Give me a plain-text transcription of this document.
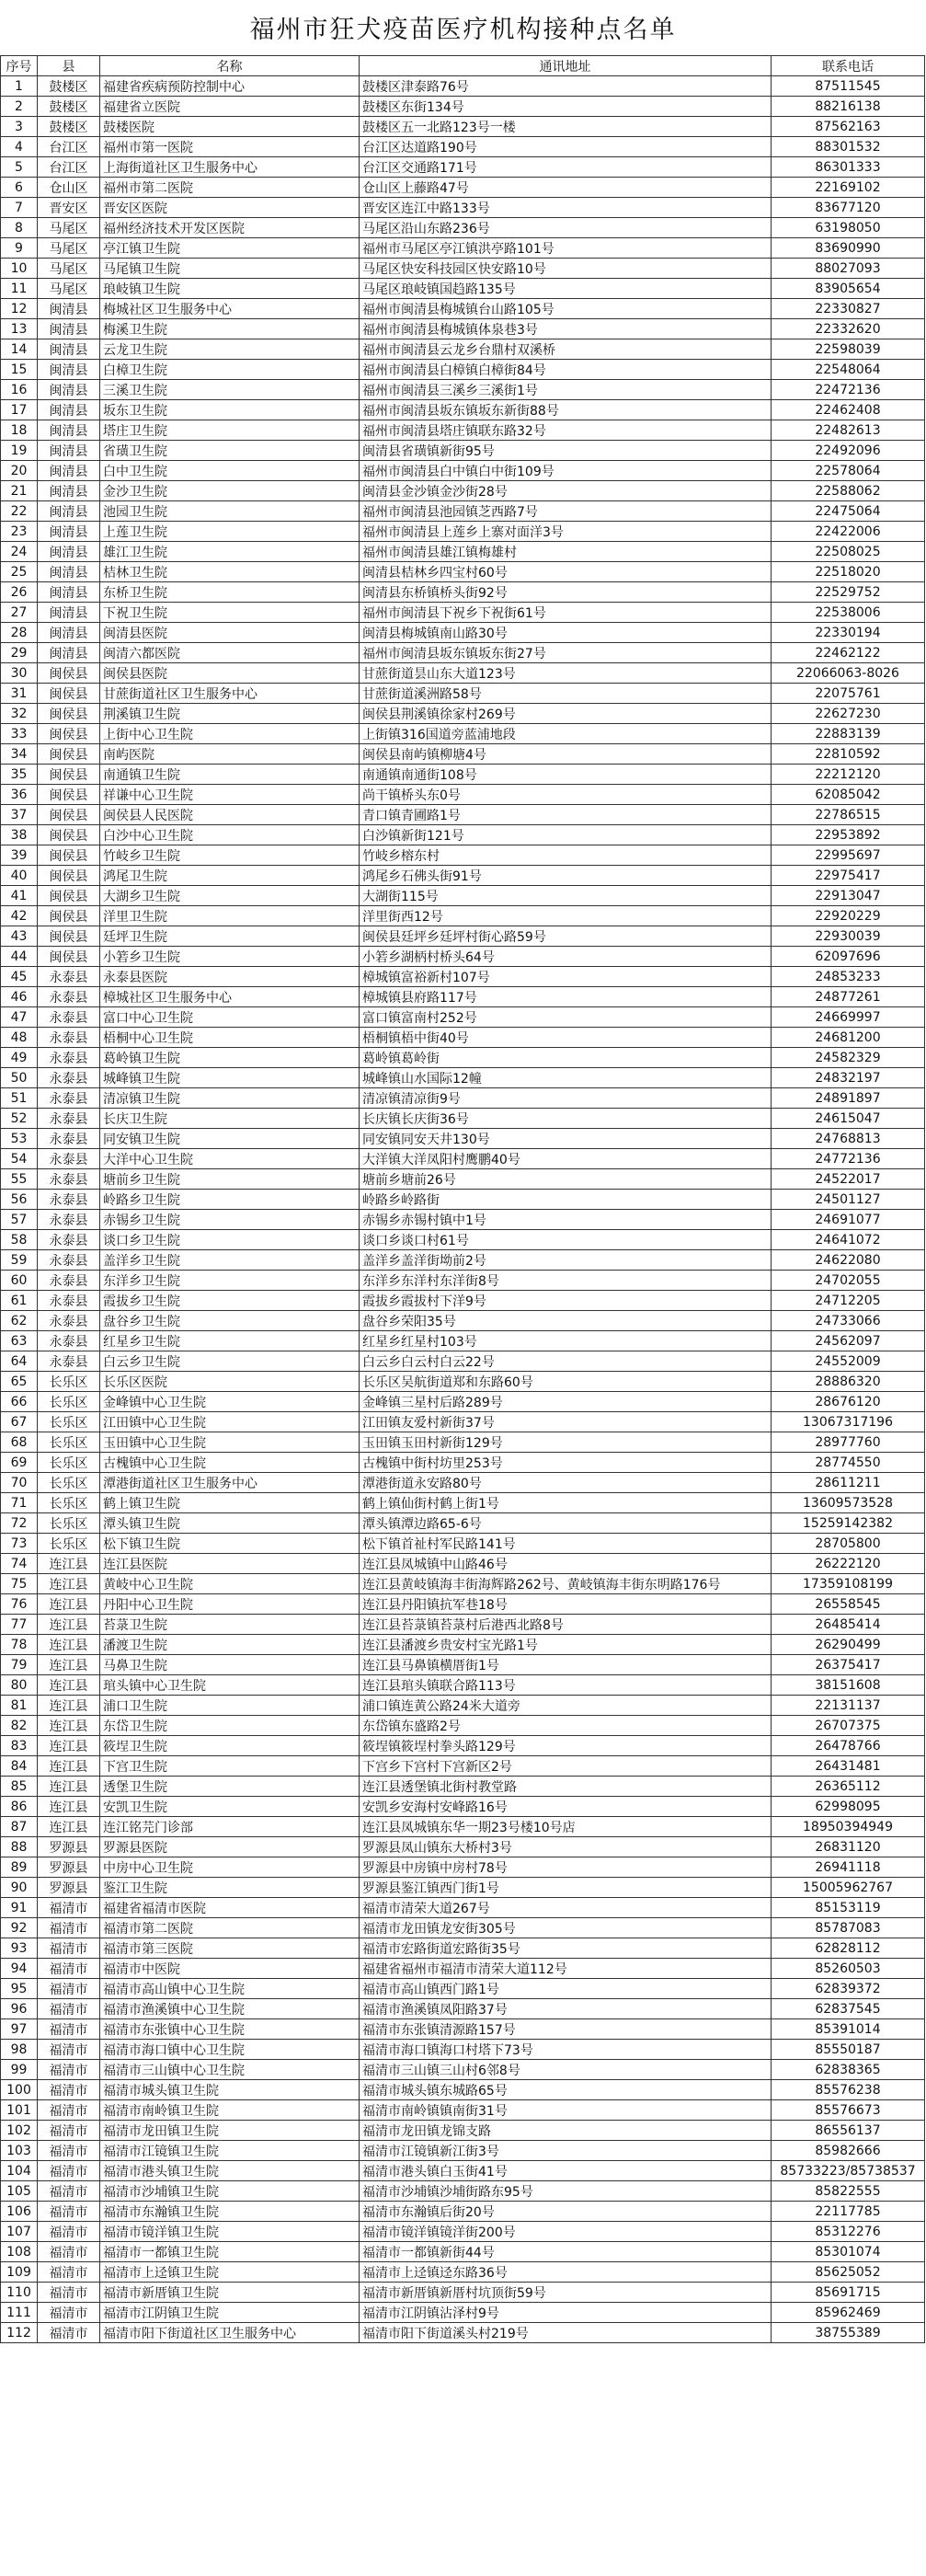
福州市狂犬疫苗医疗机构接种点名单
序号	县	名称	通讯地址	联系电话
1	鼓楼区	福建省疾病预防控制中心	鼓楼区津泰路76号	87511545
2	鼓楼区	福建省立医院	鼓楼区东街134号	88216138
3	鼓楼区	鼓楼医院	鼓楼区五一北路123号一楼	87562163
4	台江区	福州市第一医院	台江区达道路190号	88301532
5	台江区	上海街道社区卫生服务中心	台江区交通路171号	86301333
6	仓山区	福州市第二医院	仓山区上藤路47号	22169102
7	晋安区	晋安区医院	晋安区连江中路133号	83677120
8	马尾区	福州经济技术开发区医院	马尾区沿山东路236号	63198050
9	马尾区	亭江镇卫生院	福州市马尾区亭江镇洪亭路101号	83690990
10	马尾区	马尾镇卫生院	马尾区快安科技园区快安路10号	88027093
11	马尾区	琅岐镇卫生院	马尾区琅岐镇国趋路135号	83905654
12	闽清县	梅城社区卫生服务中心	福州市闽清县梅城镇台山路105号	22330827
13	闽清县	梅溪卫生院	福州市闽清县梅城镇体泉巷3号	22332620
14	闽清县	云龙卫生院	福州市闽清县云龙乡台鼎村双溪桥	22598039
15	闽清县	白樟卫生院	福州市闽清县白樟镇白樟街84号	22548064
16	闽清县	三溪卫生院	福州市闽清县三溪乡三溪街1号	22472136
17	闽清县	坂东卫生院	福州市闽清县坂东镇坂东新街88号	22462408
18	闽清县	塔庄卫生院	福州市闽清县塔庄镇联东路32号	22482613
19	闽清县	省璜卫生院	闽清县省璜镇新街95号	22492096
20	闽清县	白中卫生院	福州市闽清县白中镇白中街109号	22578064
21	闽清县	金沙卫生院	闽清县金沙镇金沙街28号	22588062
22	闽清县	池园卫生院	福州市闽清县池园镇芝西路7号	22475064
23	闽清县	上莲卫生院	福州市闽清县上莲乡上寨对面洋3号	22422006
24	闽清县	雄江卫生院	福州市闽清县雄江镇梅雄村	22508025
25	闽清县	桔林卫生院	闽清县桔林乡四宝村60号	22518020
26	闽清县	东桥卫生院	闽清县东桥镇桥头街92号	22529752
27	闽清县	下祝卫生院	福州市闽清县下祝乡下祝街61号	22538006
28	闽清县	闽清县医院	闽清县梅城镇南山路30号	22330194
29	闽清县	闽清六都医院	福州市闽清县坂东镇坂东街27号	22462122
30	闽侯县	闽侯县医院	甘蔗街道昙山东大道123号	22066063-8026
31	闽侯县	甘蔗街道社区卫生服务中心	甘蔗街道溪洲路58号	22075761
32	闽侯县	荆溪镇卫生院	闽侯县荆溪镇徐家村269号	22627230
33	闽侯县	上街中心卫生院	上街镇316国道旁蓝浦地段	22883139
34	闽侯县	南屿医院	闽侯县南屿镇柳塘4号	22810592
35	闽侯县	南通镇卫生院	南通镇南通街108号	22212120
36	闽侯县	祥谦中心卫生院	尚干镇桥头东0号	62085042
37	闽侯县	闽侯县人民医院	青口镇青圃路1号	22786515
38	闽侯县	白沙中心卫生院	白沙镇新街121号	22953892
39	闽侯县	竹岐乡卫生院	竹岐乡榕东村	22995697
40	闽侯县	鸿尾卫生院	鸿尾乡石佛头街91号	22975417
41	闽侯县	大湖乡卫生院	大湖街115号	22913047
42	闽侯县	洋里卫生院	洋里街西12号	22920229
43	闽侯县	廷坪卫生院	闽侯县廷坪乡廷坪村街心路59号	22930039
44	闽侯县	小箬乡卫生院	小箬乡湖柄村桥头64号	62097696
45	永泰县	永泰县医院	樟城镇富裕新村107号	24853233
46	永泰县	樟城社区卫生服务中心	樟城镇县府路117号	24877261
47	永泰县	富口中心卫生院	富口镇富南村252号	24669997
48	永泰县	梧桐中心卫生院	梧桐镇梧中街40号	24681200
49	永泰县	葛岭镇卫生院	葛岭镇葛岭街	24582329
50	永泰县	城峰镇卫生院	城峰镇山水国际12幢	24832197
51	永泰县	清凉镇卫生院	清凉镇清凉街9号	24891897
52	永泰县	长庆卫生院	长庆镇长庆街36号	24615047
53	永泰县	同安镇卫生院	同安镇同安天井130号	24768813
54	永泰县	大洋中心卫生院	大洋镇大洋凤阳村鹰鹏40号	24772136
55	永泰县	塘前乡卫生院	塘前乡塘前26号	24522017
56	永泰县	岭路乡卫生院	岭路乡岭路街	24501127
57	永泰县	赤锡乡卫生院	赤锡乡赤锡村镇中1号	24691077
58	永泰县	谈口乡卫生院	谈口乡谈口村61号	24641072
59	永泰县	盖洋乡卫生院	盖洋乡盖洋街坳前2号	24622080
60	永泰县	东洋乡卫生院	东洋乡东洋村东洋街8号	24702055
61	永泰县	霞拔乡卫生院	霞拔乡霞拔村下洋9号	24712205
62	永泰县	盘谷乡卫生院	盘谷乡荣阳35号	24733066
63	永泰县	红星乡卫生院	红星乡红星村103号	24562097
64	永泰县	白云乡卫生院	白云乡白云村白云22号	24552009
65	长乐区	长乐区医院	长乐区吴航街道郑和东路60号	28886320
66	长乐区	金峰镇中心卫生院	金峰镇三星村后路289号	28676120
67	长乐区	江田镇中心卫生院	江田镇友爱村新街37号	13067317196
68	长乐区	玉田镇中心卫生院	玉田镇玉田村新街129号	28977760
69	长乐区	古槐镇中心卫生院	古槐镇中街村坊里253号	28774550
70	长乐区	潭港街道社区卫生服务中心	潭港街道永安路80号	28611211
71	长乐区	鹤上镇卫生院	鹤上镇仙街村鹤上街1号	13609573528
72	长乐区	潭头镇卫生院	潭头镇潭边路65-6号	15259142382
73	长乐区	松下镇卫生院	松下镇首祉村军民路141号	28705800
74	连江县	连江县医院	连江县凤城镇中山路46号	26222120
75	连江县	黄岐中心卫生院	连江县黄岐镇海丰街海辉路262号、黄岐镇海丰街东明路176号	17359108199
76	连江县	丹阳中心卫生院	连江县丹阳镇抗军巷18号	26558545
77	连江县	苔菉卫生院	连江县苔菉镇苔菉村后港西北路8号	26485414
78	连江县	潘渡卫生院	连江县潘渡乡贵安村宝光路1号	26290499
79	连江县	马鼻卫生院	连江县马鼻镇横厝街1号	26375417
80	连江县	琯头镇中心卫生院	连江县琯头镇联合路113号	38151608
81	连江县	浦口卫生院	浦口镇连黄公路24米大道旁	22131137
82	连江县	东岱卫生院	东岱镇东盛路2号	26707375
83	连江县	筱埕卫生院	筱埕镇筱埕村拳头路129号	26478766
84	连江县	下宫卫生院	下宫乡下宫村下宫新区2号	26431481
85	连江县	透堡卫生院	连江县透堡镇北街村教堂路	26365112
86	连江县	安凯卫生院	安凯乡安海村安峰路16号	62998095
87	连江县	连江铭芫门诊部	连江县凤城镇东华一期23号楼10号店	18950394949
88	罗源县	罗源县医院	罗源县凤山镇东大桥村3号	26831120
89	罗源县	中房中心卫生院	罗源县中房镇中房村78号	26941118
90	罗源县	鉴江卫生院	罗源县鉴江镇西门街1号	15005962767
91	福清市	福建省福清市医院	福清市清荣大道267号	85153119
92	福清市	福清市第二医院	福清市龙田镇龙安街305号	85787083
93	福清市	福清市第三医院	福清市宏路街道宏路街35号	62828112
94	福清市	福清市中医院	福建省福州市福清市清荣大道112号	85260503
95	福清市	福清市高山镇中心卫生院	福清市高山镇西门路1号	62839372
96	福清市	福清市渔溪镇中心卫生院	福清市渔溪镇凤阳路37号	62837545
97	福清市	福清市东张镇中心卫生院	福清市东张镇清源路157号	85391014
98	福清市	福清市海口镇中心卫生院	福清市海口镇海口村塔下73号	85550187
99	福清市	福清市三山镇中心卫生院	福清市三山镇三山村6邻8号	62838365
100	福清市	福清市城头镇卫生院	福清市城头镇东城路65号	85576238
101	福清市	福清市南岭镇卫生院	福清市南岭镇镇南街31号	85576673
102	福清市	福清市龙田镇卫生院	福清市龙田镇龙锦支路	86556137
103	福清市	福清市江镜镇卫生院	福清市江镜镇新江街3号	85982666
104	福清市	福清市港头镇卫生院	福清市港头镇白玉街41号	85733223/85738537
105	福清市	福清市沙埔镇卫生院	福清市沙埔镇沙埔街路东95号	85822555
106	福清市	福清市东瀚镇卫生院	福清市东瀚镇后街20号	22117785
107	福清市	福清市镜洋镇卫生院	福清市镜洋镇镜洋街200号	85312276
108	福清市	福清市一都镇卫生院	福清市一都镇新街44号	85301074
109	福清市	福清市上迳镇卫生院	福清市上迳镇迳东路36号	85625052
110	福清市	福清市新厝镇卫生院	福清市新厝镇新厝村坑顶街59号	85691715
111	福清市	福清市江阴镇卫生院	福清市江阴镇沾泽村9号	85962469
112	福清市	福清市阳下街道社区卫生服务中心	福清市阳下街道溪头村219号	38755389
